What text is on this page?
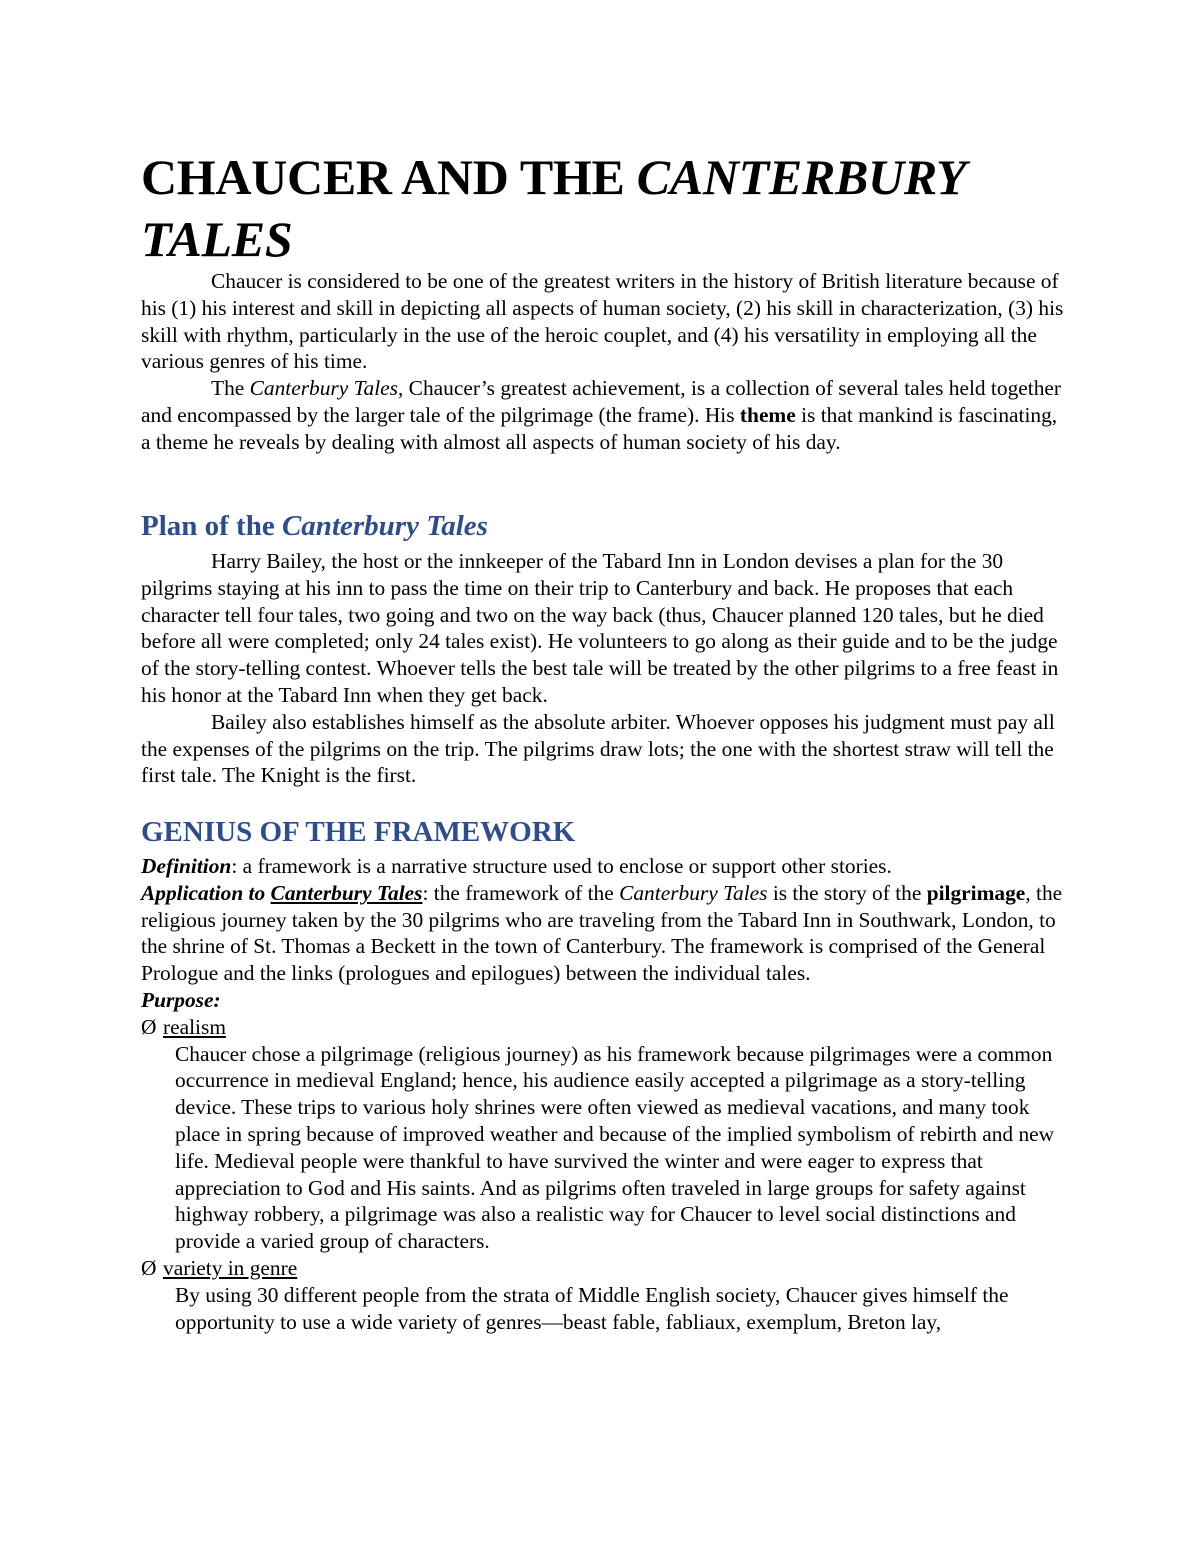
CHAUCER AND THE CANTERBURY TALES

Chaucer is considered to be one of the greatest writers in the history of British literature because of his (1) his interest and skill in depicting all aspects of human society, (2) his skill in characterization, (3) his skill with rhythm, particularly in the use of the heroic couplet, and (4) his versatility in employing all the various genres of his time.

The Canterbury Tales, Chaucer’s greatest achievement, is a collection of several tales held together and encompassed by the larger tale of the pilgrimage (the frame). His theme is that mankind is fascinating, a theme he reveals by dealing with almost all aspects of human society of his day.

Plan of the Canterbury Tales

Harry Bailey, the host or the innkeeper of the Tabard Inn in London devises a plan for the 30 pilgrims staying at his inn to pass the time on their trip to Canterbury and back. He proposes that each character tell four tales, two going and two on the way back (thus, Chaucer planned 120 tales, but he died before all were completed; only 24 tales exist). He volunteers to go along as their guide and to be the judge of the story-telling contest. Whoever tells the best tale will be treated by the other pilgrims to a free feast in his honor at the Tabard Inn when they get back.

Bailey also establishes himself as the absolute arbiter. Whoever opposes his judgment must pay all the expenses of the pilgrims on the trip. The pilgrims draw lots; the one with the shortest straw will tell the first tale. The Knight is the first.

GENIUS OF THE FRAMEWORK

Definition: a framework is a narrative structure used to enclose or support other stories.

Application to Canterbury Tales: the framework of the Canterbury Tales is the story of the pilgrimage, the religious journey taken by the 30 pilgrims who are traveling from the Tabard Inn in Southwark, London, to the shrine of St. Thomas a Beckett in the town of Canterbury. The framework is comprised of the General Prologue and the links (prologues and epilogues) between the individual tales.

Purpose:

Ø realism

Chaucer chose a pilgrimage (religious journey) as his framework because pilgrimages were a common occurrence in medieval England; hence, his audience easily accepted a pilgrimage as a story-telling device. These trips to various holy shrines were often viewed as medieval vacations, and many took place in spring because of improved weather and because of the implied symbolism of rebirth and new life. Medieval people were thankful to have survived the winter and were eager to express that appreciation to God and His saints. And as pilgrims often traveled in large groups for safety against highway robbery, a pilgrimage was also a realistic way for Chaucer to level social distinctions and provide a varied group of characters.

Ø variety in genre

By using 30 different people from the strata of Middle English society, Chaucer gives himself the opportunity to use a wide variety of genres—beast fable, fabliaux, exemplum, Breton lay,
